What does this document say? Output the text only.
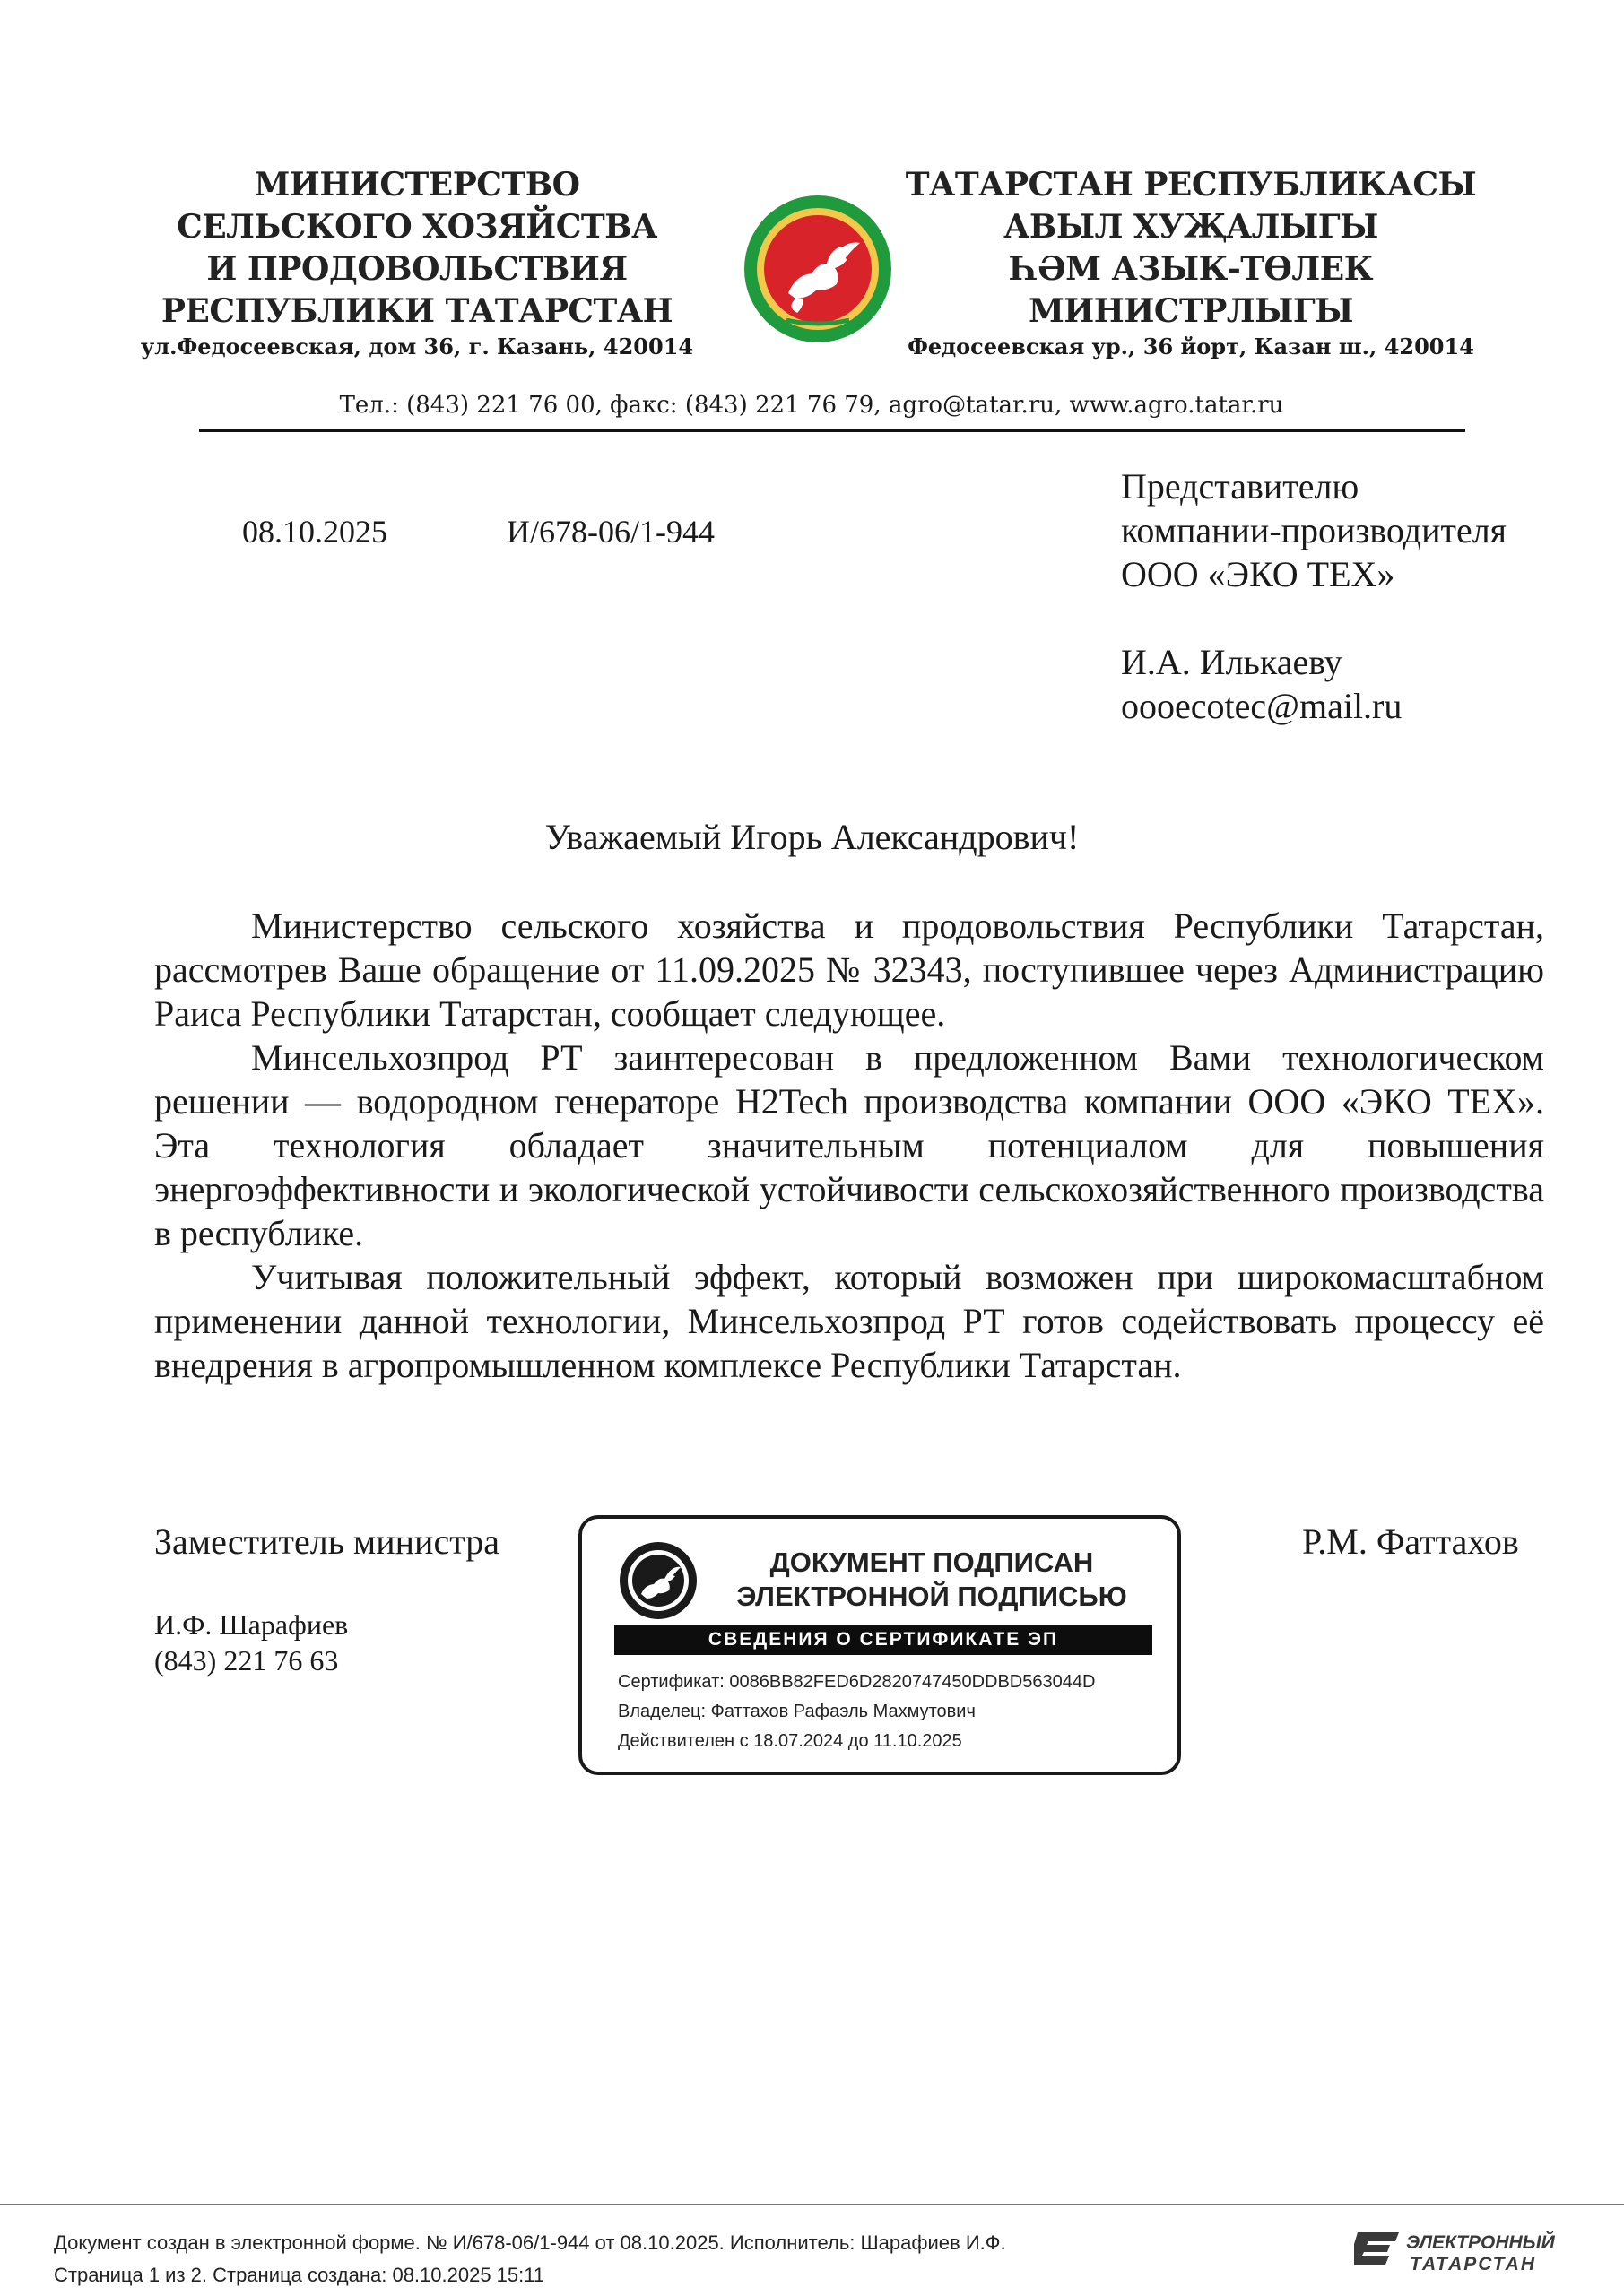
МИНИСТЕРСТВО
СЕЛЬСКОГО ХОЗЯЙСТВА
И ПРОДОВОЛЬСТВИЯ
РЕСПУБЛИКИ ТАТАРСТАН
ул.Федосеевская, дом 36, г. Казань, 420014
ТАТАРСТАН РЕСПУБЛИКАСЫ
АВЫЛ ХУҖАЛЫГЫ
ҺӘМ АЗЫК-ТӨЛЕК
МИНИСТРЛЫГЫ
Федосеевская ур., 36 йорт, Казан ш., 420014
Тел.: (843) 221 76 00, факс: (843) 221 76 79, agro@tatar.ru, www.agro.tatar.ru
08.10.2025	И/678-06/1-944
Представителю
компании-производителя
ООО «ЭКО ТЕХ»
И.А. Илькаеву
oooecotec@mail.ru
Уважаемый Игорь Александрович!

Министерство сельского хозяйства и продовольствия Республики Татарстан, рассмотрев Ваше обращение от 11.09.2025 № 32343, поступившее через Администрацию Раиса Республики Татарстан, сообщает следующее.

Минсельхозпрод РТ заинтересован в предложенном Вами технологическом решении — водородном генераторе H2Tech производства компании ООО «ЭКО ТЕХ». Эта технология обладает значительным потенциалом для повышения энергоэффективности и экологической устойчивости сельскохозяйственного производства в республике.

Учитывая положительный эффект, который возможен при широкомасштабном применении данной технологии, Минсельхозпрод РТ готов содействовать процессу её внедрения в агропромышленном комплексе Республики Татарстан.

Заместитель министра	Р.М. Фаттахов
ДОКУМЕНТ ПОДПИСАН
ЭЛЕКТРОННОЙ ПОДПИСЬЮ
СВЕДЕНИЯ О СЕРТИФИКАТЕ ЭП
Сертификат: 0086BB82FED6D2820747450DDBD563044D
Владелец: Фаттахов Рафаэль Махмутович
Действителен с 18.07.2024 до 11.10.2025
И.Ф. Шарафиев
(843) 221 76 63
Документ создан в электронной форме. № И/678-06/1-944 от 08.10.2025. Исполнитель: Шарафиев И.Ф.
Страница 1 из 2. Страница создана: 08.10.2025 15:11
ЭЛЕКТРОННЫЙ
ТАТАРСТАН
